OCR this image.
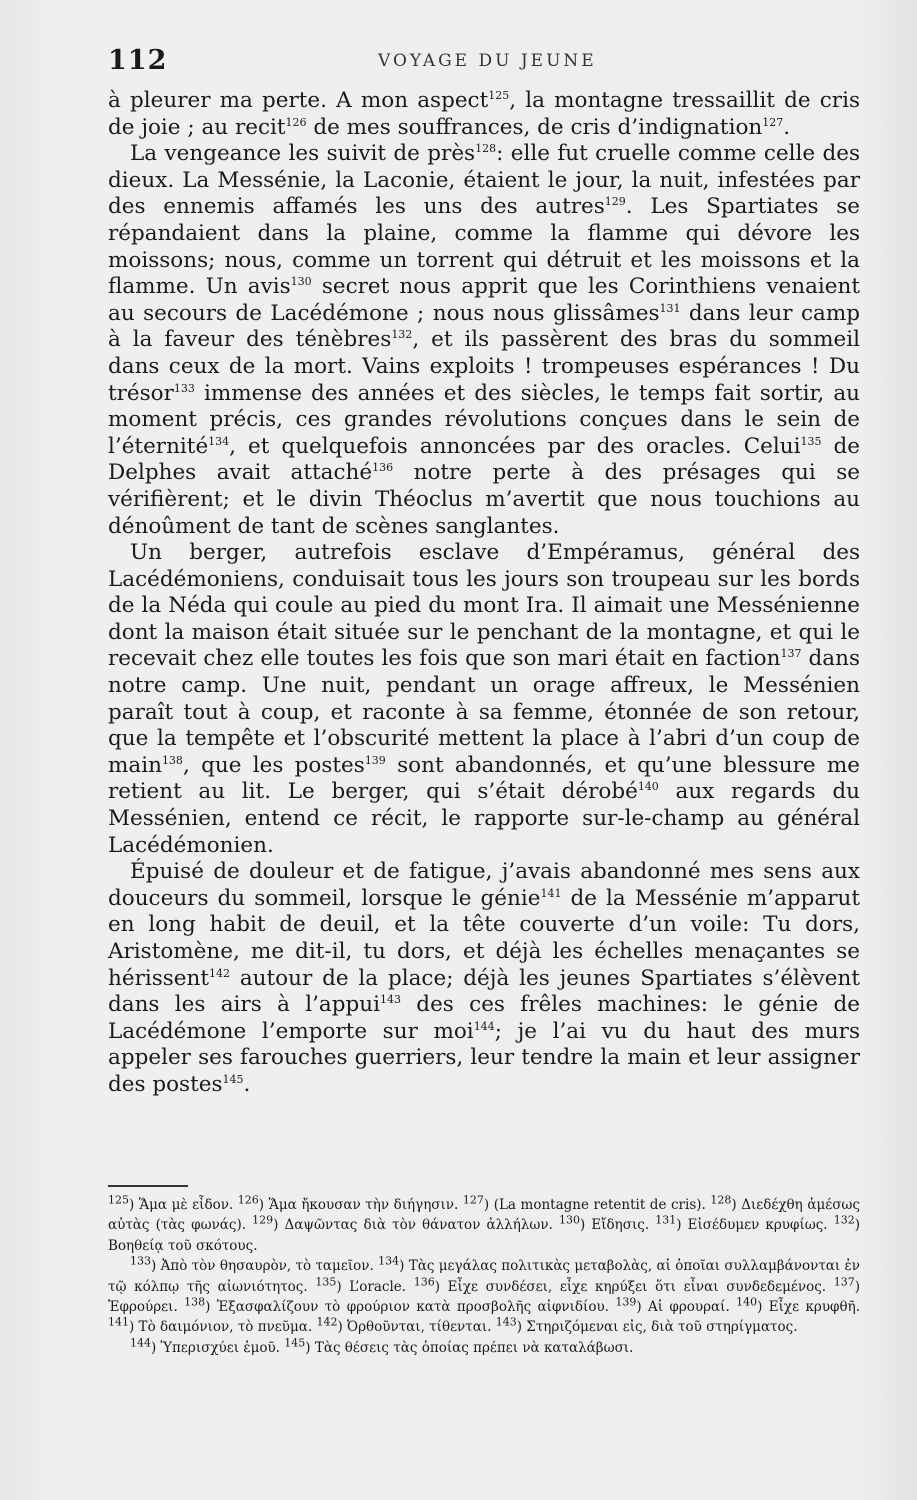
112	VOYAGE DU JEUNE

à pleurer ma perte. A mon aspect$^{125}$, la montagne tressaillit de cris de joie ; au recit$^{126}$ de mes souffrances, de cris d’indignation$^{127}$.

La vengeance les suivit de près$^{128}$: elle fut cruelle comme celle des dieux. La Messénie, la Laconie, étaient le jour, la nuit, infestées par des ennemis affamés les uns des autres$^{129}$. Les Spartiates se répandaient dans la plaine, comme la flamme qui dévore les moissons; nous, comme un torrent qui détruit et les moissons et la flamme. Un avis$^{130}$ secret nous apprit que les Corinthiens venaient au secours de Lacédémone ; nous nous glissâmes$^{131}$ dans leur camp à la faveur des ténèbres$^{132}$, et ils passèrent des bras du sommeil dans ceux de la mort. Vains exploits ! trompeuses espérances ! Du trésor$^{133}$ immense des années et des siècles, le temps fait sortir, au moment précis, ces grandes révolutions conçues dans le sein de l’éternité$^{134}$, et quelquefois annoncées par des oracles. Celui$^{135}$ de Delphes avait attaché$^{136}$ notre perte à des présages qui se vérifièrent; et le divin Théoclus m’avertit que nous touchions au dénoûment de tant de scènes sanglantes.

Un berger, autrefois esclave d’Empéramus, général des Lacédémoniens, conduisait tous les jours son troupeau sur les bords de la Néda qui coule au pied du mont Ira. Il aimait une Messénienne dont la maison était située sur le penchant de la montagne, et qui le recevait chez elle toutes les fois que son mari était en faction$^{137}$ dans notre camp. Une nuit, pendant un orage affreux, le Messénien paraît tout à coup, et raconte à sa femme, étonnée de son retour, que la tempête et l’obscurité mettent la place à l’abri d’un coup de main$^{138}$, que les postes$^{139}$ sont abandonnés, et qu’une blessure me retient au lit. Le berger, qui s’était dérobé$^{140}$ aux regards du Messénien, entend ce récit, le rapporte sur-le-champ au général Lacédémonien.

Épuisé de douleur et de fatigue, j’avais abandonné mes sens aux douceurs du sommeil, lorsque le génie$^{141}$ de la Messénie m’apparut en long habit de deuil, et la tête couverte d’un voile: Tu dors, Aristomène, me dit-il, tu dors, et déjà les échelles menaçantes se hérissent$^{142}$ autour de la place; déjà les jeunes Spartiates s’élèvent dans les airs à l’appui$^{143}$ des ces frêles machines: le génie de Lacédémone l’emporte sur moi$^{144}$; je l’ai vu du haut des murs appeler ses farouches guerriers, leur tendre la main et leur assigner des postes$^{145}$.

$^{125}$) Ἅμα μὲ εἶδον. $^{126}$) Ἅμα ἤκουσαν τὴν διήγησιν. $^{127}$) (La montagne retentit de cris). $^{128}$) Διεδέχθη ἀμέσως αὐτὰς (τὰς φωνάς). $^{129}$) Δαψῶντας διὰ τὸν θάνατον ἀλλήλων. $^{130}$) Εἴδησις. $^{131}$) Εἰσέδυμεν κρυφίως. $^{132}$) Βοηθείᾳ τοῦ σκότους.

$^{133}$) Ἀπὸ τὸν θησαυρὸν, τὸ ταμεῖον. $^{134}$) Τὰς μεγάλας πολιτικὰς μεταβολὰς, αἱ ὁποῖαι συλλαμβάνονται ἐν τῷ κόλπῳ τῆς αἰωνιότητος. $^{135}$) L’oracle. $^{136}$) Εἶχε συνδέσει, εἶχε κηρύξει ὅτι εἶναι συνδεδεμένος. $^{137}$) Ἐφρούρει. $^{138}$) Ἐξασφαλίζουν τὸ φρούριον κατὰ προσβολῆς αἰφνιδίου. $^{139}$) Αἱ φρουραί. $^{140}$) Εἶχε κρυφθῆ. $^{141}$) Τὸ δαιμόνιον, τὸ πνεῦμα. $^{142}$) Ὀρθοῦνται, τίθενται. $^{143}$) Στηριζόμεναι εἰς, διὰ τοῦ στηρίγματος.

$^{144}$) Ὑπερισχύει ἐμοῦ. $^{145}$) Τὰς θέσεις τὰς ὁποίας πρέπει νὰ καταλάβωσι.
